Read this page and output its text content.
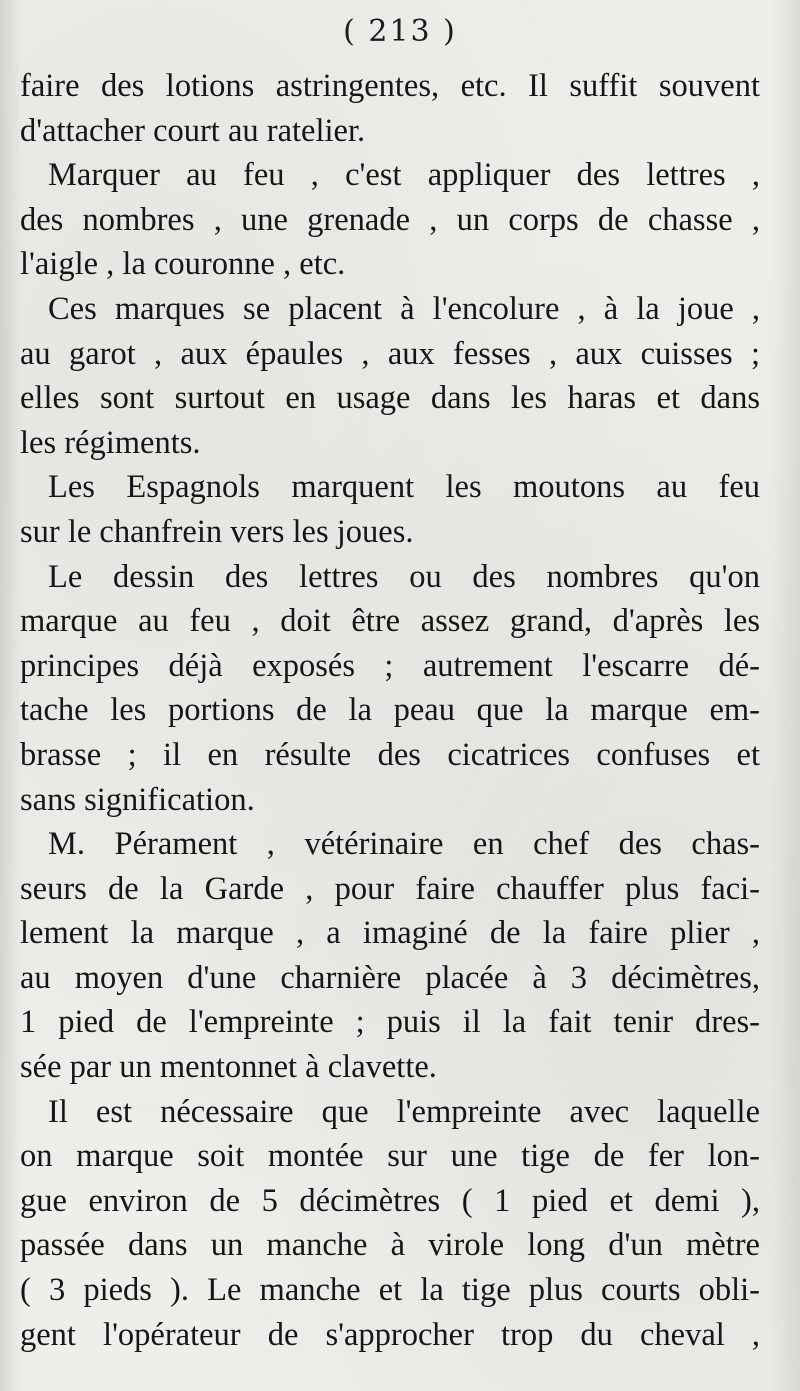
( 213 )
faire des lotions astringentes, etc. Il suffit souvent
d'attacher court au ratelier.
Marquer au feu , c'est appliquer des lettres ,
des nombres , une grenade , un corps de chasse ,
l'aigle , la couronne , etc.
Ces marques se placent à l'encolure , à la joue ,
au garot , aux épaules , aux fesses , aux cuisses ;
elles sont surtout en usage dans les haras et dans
les régiments.
Les Espagnols marquent les moutons au feu
sur le chanfrein vers les joues.
Le dessin des lettres ou des nombres qu'on
marque au feu , doit être assez grand, d'après les
principes déjà exposés ; autrement l'escarre dé-
tache les portions de la peau que la marque em-
brasse ; il en résulte des cicatrices confuses et
sans signification.
M. Pérament , vétérinaire en chef des chas-
seurs de la Garde , pour faire chauffer plus faci-
lement la marque , a imaginé de la faire plier ,
au moyen d'une charnière placée à 3 décimètres,
1 pied de l'empreinte ; puis il la fait tenir dres-
sée par un mentonnet à clavette.
Il est nécessaire que l'empreinte avec laquelle
on marque soit montée sur une tige de fer lon-
gue environ de 5 décimètres ( 1 pied et demi ),
passée dans un manche à virole long d'un mètre
( 3 pieds ). Le manche et la tige plus courts obli-
gent l'opérateur de s'approcher trop du cheval ,
